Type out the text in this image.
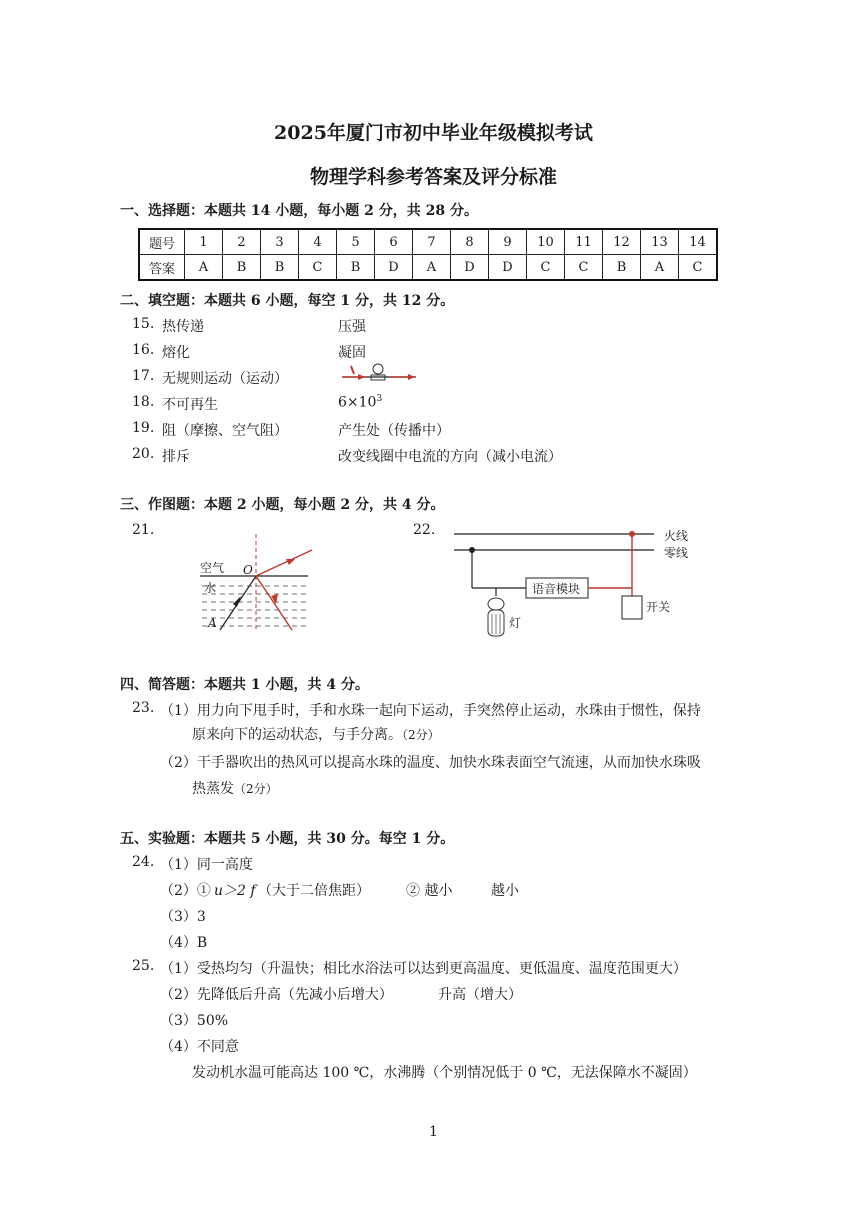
2025年厦门市初中毕业年级模拟考试
物理学科参考答案及评分标准
一、选择题：本题共 14 小题，每小题 2 分，共 28 分。
题号	1	2	3	4	5	6	7	8	9	10	11	12	13	14
答案	A	B	B	C	B	D	A	D	D	C	C	B	A	C
二、填空题：本题共 6 小题，每空 1 分，共 12 分。
15. 热传递	压强
16. 熔化	凝固
17. 无规则运动（运动）
18. 不可再生	$6\times 10^3$
19. 阻（摩擦、空气阻）	产生处（传播中）
20. 排斥	改变线圈中电流的方向（减小电流）
三、作图题：本题 2 小题，每小题 2 分，共 4 分。
21.	22.
空气
水
O
A
火线
零线
语音模块
开关
灯
四、简答题：本题共 1 小题，共 4 分。
23. （1）用力向下甩手时，手和水珠一起向下运动，手突然停止运动，水珠由于惯性，保持
原来向下的运动状态，与手分离。（2分）
（2）干手器吹出的热风可以提高水珠的温度、加快水珠表面空气流速，从而加快水珠吸
热蒸发（2分）
五、实验题：本题共 5 小题，共 30 分。每空 1 分。
24. （1）同一高度
（2）① u＞2 f （大于二倍焦距）	② 越小	越小
（3）3
（4）B
25. （1）受热均匀（升温快；相比水浴法可以达到更高温度、更低温度、温度范围更大）
（2）先降低后升高（先减小后增大）	升高（增大）
（3）50%
（4）不同意
发动机水温可能高达 100 ℃，水沸腾（个别情况低于 0 ℃，无法保障水不凝固）
1
